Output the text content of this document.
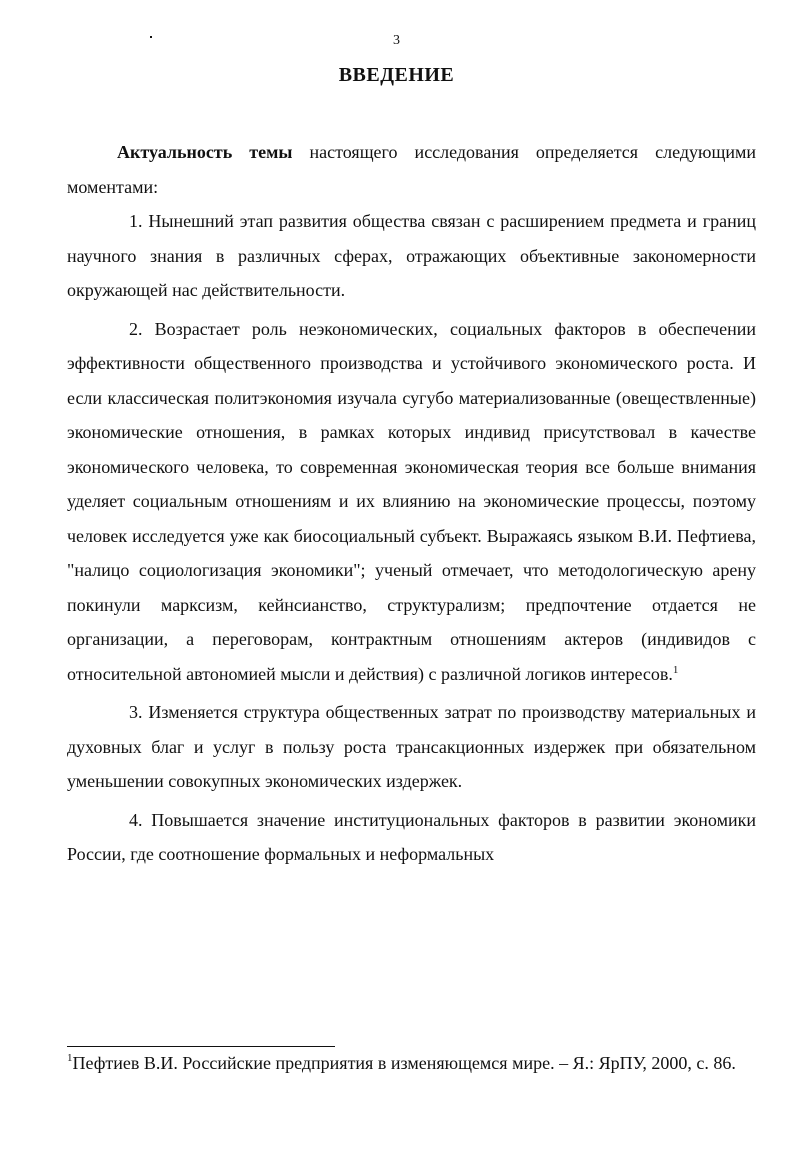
3
ВВЕДЕНИЕ

Актуальность темы настоящего исследования определяется следующими моментами:

1. Нынешний этап развития общества связан с расширением предмета и границ научного знания в различных сферах, отражающих объективные закономерности окружающей нас действительности.

2. Возрастает роль неэкономических, социальных факторов в обеспечении эффективности общественного производства и устойчивого экономического роста. И если классическая политэкономия изучала сугубо материализованные (овеществленные) экономические отношения, в рамках которых индивид присутствовал в качестве экономического человека, то современная экономическая теория все больше внимания уделяет социальным отношениям и их влиянию на экономические процессы, поэтому человек исследуется уже как биосоциальный субъект. Выражаясь языком В.И. Пефтиева, "налицо социологизация экономики"; ученый отмечает, что методологическую арену покинули марксизм, кейнсианство, структурализм; предпочтение отдается не организации, а переговорам, контрактным отношениям актеров (индивидов с относительной автономией мысли и действия) с различной логиков интересов.$^1$

3. Изменяется структура общественных затрат по производству материальных и духовных благ и услуг в пользу роста трансакционных издержек при обязательном уменьшении совокупных экономических издержек.

4. Повышается значение институциональных факторов в развитии экономики России, где соотношение формальных и неформальных

$^1$Пефтиев В.И. Российские предприятия в изменяющемся мире. – Я.: ЯрПУ, 2000, с. 86.
